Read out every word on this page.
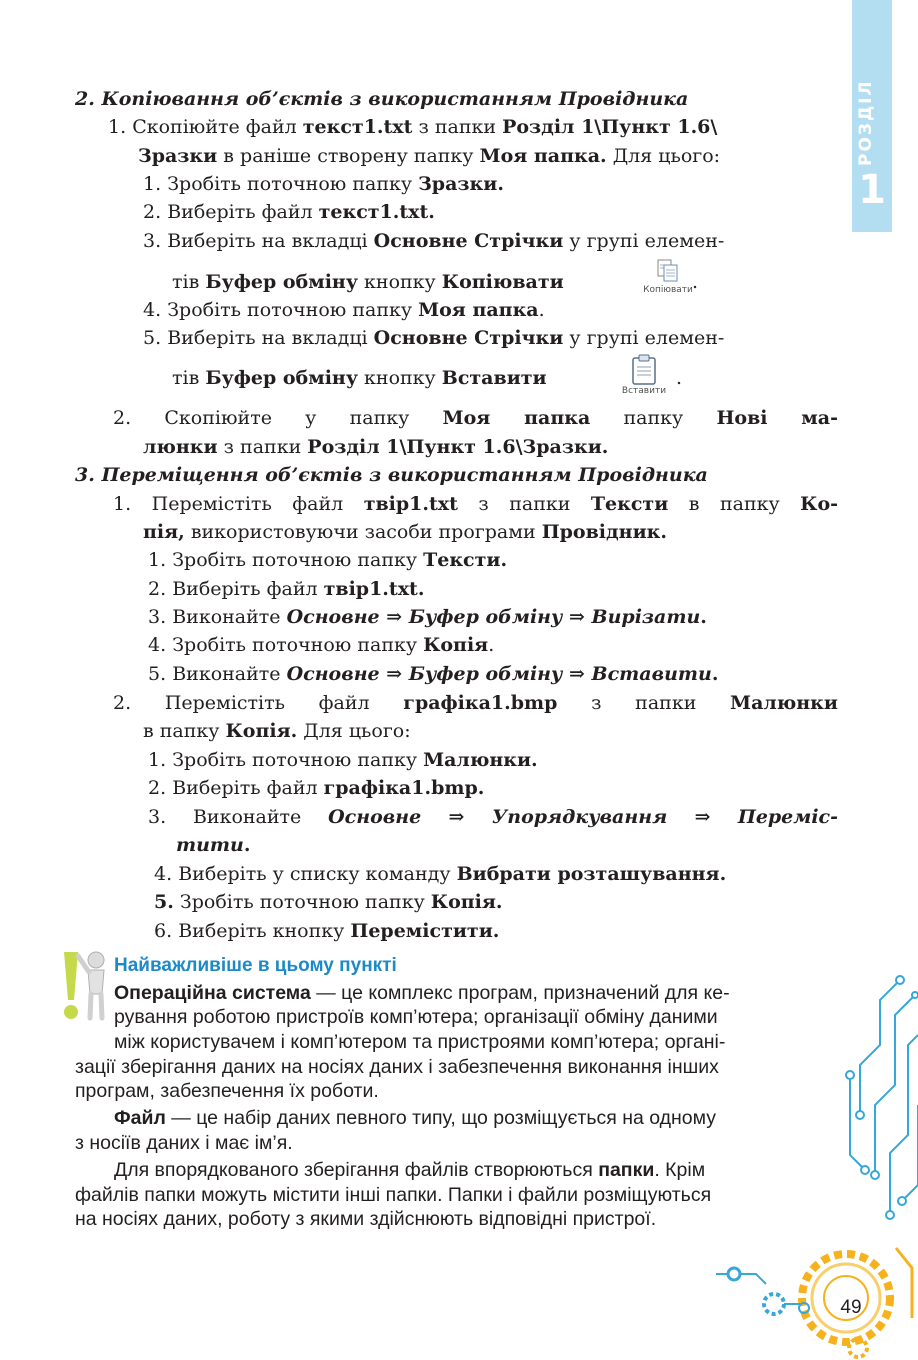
РОЗДІЛ
1
2. Копіювання об’єктів з використанням Провідника
1. Скопіюйте файл текст1.txt з папки Розділ 1\Пункт 1.6\
Зразки в раніше створену папку Моя папка. Для цього:
1. Зробіть поточною папку Зразки.
2. Виберіть файл текст1.txt.
3. Виберіть на вкладці Основне Стрічки у групі елемен-
тів Буфер обміну кнопку Копіювати	Копіювати .
4. Зробіть поточною папку Моя папка.
5. Виберіть на вкладці Основне Стрічки у групі елемен-
тів Буфер обміну кнопку Вставити
Вставити
.
2. Скопіюйте у папку Моя папка папку Нові ма-
люнки з папки Розділ 1\Пункт 1.6\Зразки.
3. Переміщення об’єктів з використанням Провідника
1. Перемістіть файл твір1.txt з папки Тексти в папку Ко-
пія, використовуючи засоби програми Провідник.
1. Зробіть поточною папку Тексти.
2. Виберіть файл твір1.txt.
3. Виконайте Основне ⇒ Буфер обміну ⇒ Вирізати.
4. Зробіть поточною папку Копія.
5. Виконайте Основне ⇒ Буфер обміну ⇒ Вставити.
2. Перемістіть файл графіка1.bmp з папки Малюнки
в папку Копія. Для цього:
1. Зробіть поточною папку Малюнки.
2. Виберіть файл графіка1.bmp.
3. Виконайте Основне ⇒ Упорядкування ⇒ Переміс-
тити.
4. Виберіть у списку команду Вибрати розташування.
5. Зробіть поточною папку Копія.
6. Виберіть кнопку Перемістити.
Найважливіше в цьому пункті
Операційна система — це комплекс програм, призначений для ке-
рування роботою пристроїв комп’ютера; організації обміну даними
між користувачем і комп’ютером та пристроями комп’ютера; органі-
зації зберігання даних на носіях даних і забезпечення виконання інших
програм, забезпечення їх роботи.
Файл — це набір даних певного типу, що розміщується на одному
з носіїв даних і має ім’я.
Для впорядкованого зберігання файлів створюються папки. Крім
файлів папки можуть містити інші папки. Папки і файли розміщуються
на носіях даних, роботу з якими здійснюють відповідні пристрої.
49
